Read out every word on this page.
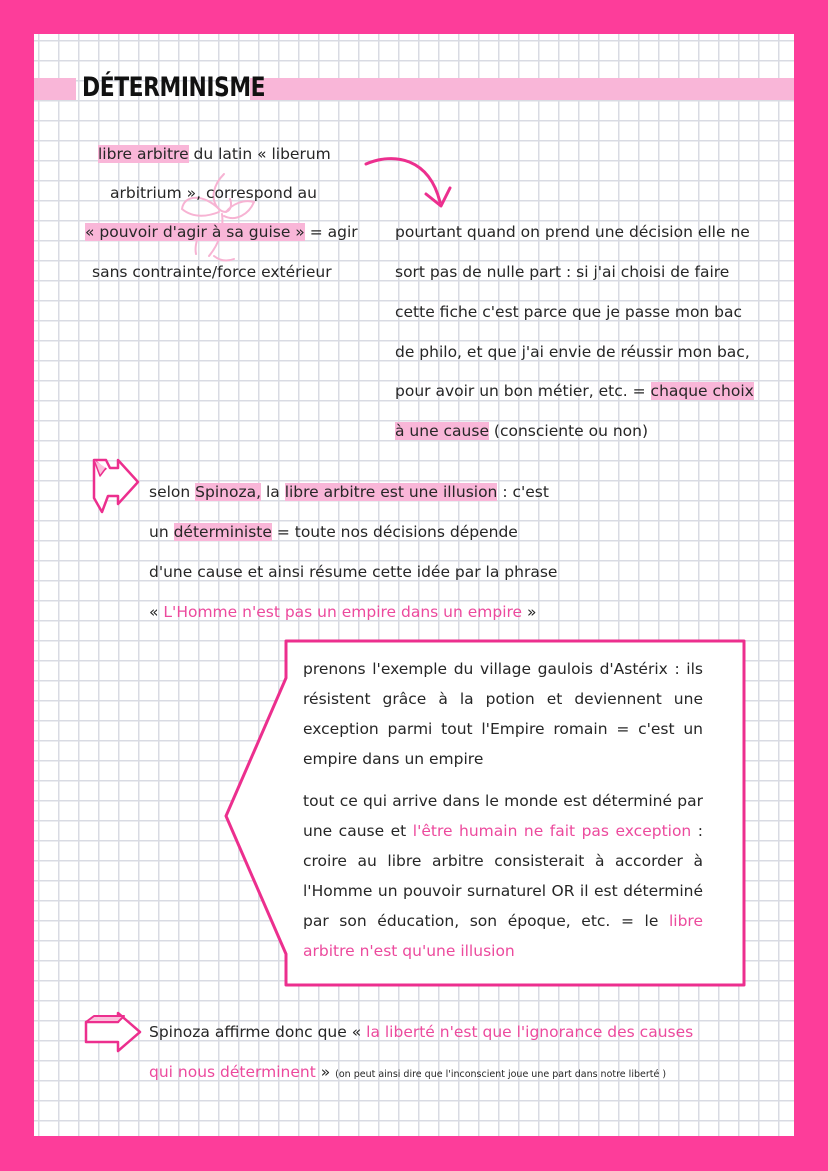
DÉTERMINISME
libre arbitre du latin « liberum
arbitrium », correspond au
« pouvoir d'agir à sa guise » = agir
sans contrainte/force extérieur
pourtant quand on prend une décision elle ne
sort pas de nulle part : si j'ai choisi de faire
cette fiche c'est parce que je passe mon bac
de philo, et que j'ai envie de réussir mon bac,
pour avoir un bon métier, etc. = chaque choix
à une cause (consciente ou non)
selon Spinoza, la libre arbitre est une illusion : c'est
un déterministe = toute nos décisions dépende
d'une cause et ainsi résume cette idée par la phrase
« L'Homme n'est pas un empire dans un empire »
prenons l'exemple du village gaulois d'Astérix : ils résistent grâce à la potion et deviennent une exception parmi tout l'Empire romain = c'est un empire dans un empire
tout ce qui arrive dans le monde est déterminé par une cause et l'être humain ne fait pas exception : croire au libre arbitre consisterait à accorder à l'Homme un pouvoir surnaturel OR il est déterminé par son éducation, son époque, etc. = le libre arbitre n'est qu'une illusion
Spinoza affirme donc que « la liberté n'est que l'ignorance des causes
qui nous déterminent » (on peut ainsi dire que l'inconscient joue une part dans notre liberté )
